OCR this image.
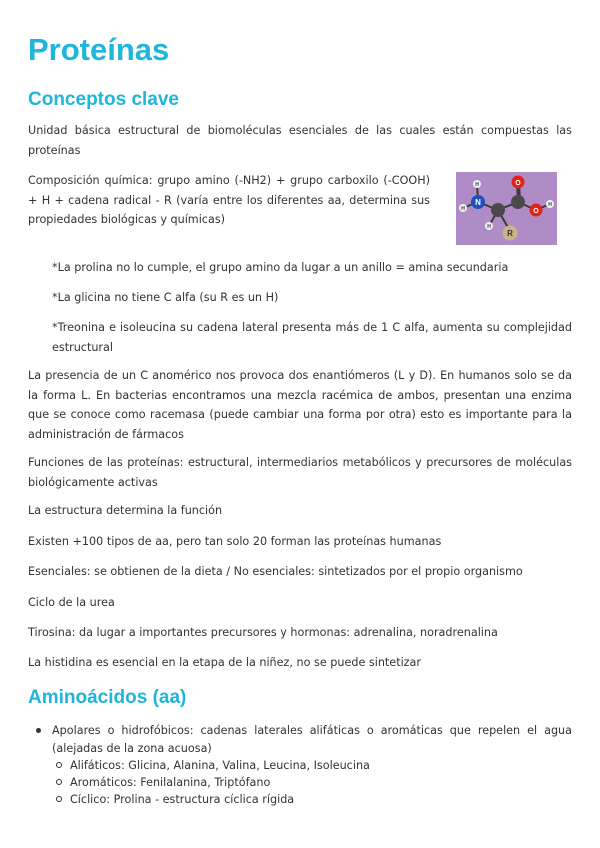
Proteínas
Conceptos clave

Unidad básica estructural de biomoléculas esenciales de las cuales están compuestas las proteínas

Composición química: grupo amino (-NH2) + grupo carboxilo (-COOH) + H + cadena radical - R (varía entre los diferentes aa, determina sus propiedades biológicas y químicas)

N
H
H
H
O
O
H
R

*La prolina no lo cumple, el grupo amino da lugar a un anillo = amina secundaria

*La glicina no tiene C alfa (su R es un H)

*Treonina e isoleucina su cadena lateral presenta más de 1 C alfa, aumenta su complejidad estructural

La presencia de un C anomérico nos provoca dos enantiómeros (L y D). En humanos solo se da la forma L. En bacterias encontramos una mezcla racémica de ambos, presentan una enzima que se conoce como racemasa (puede cambiar una forma por otra) esto es importante para la administración de fármacos

Funciones de las proteínas: estructural, intermediarios metabólicos y precursores de moléculas biológicamente activas

La estructura determina la función

Existen +100 tipos de aa, pero tan solo 20 forman las proteínas humanas

Esenciales: se obtienen de la dieta / No esenciales: sintetizados por el propio organismo

Ciclo de la urea

Tirosina: da lugar a importantes precursores y hormonas: adrenalina, noradrenalina

La histidina es esencial en la etapa de la niñez, no se puede sintetizar

Aminoácidos (aa)
Apolares o hidrofóbicos: cadenas laterales alifáticas o aromáticas que repelen el agua (alejadas de la zona acuosa)
Alifáticos: Glicina, Alanina, Valina, Leucina, Isoleucina
Aromáticos: Fenilalanina, Triptófano
Cíclico: Prolina - estructura cíclica rígida
